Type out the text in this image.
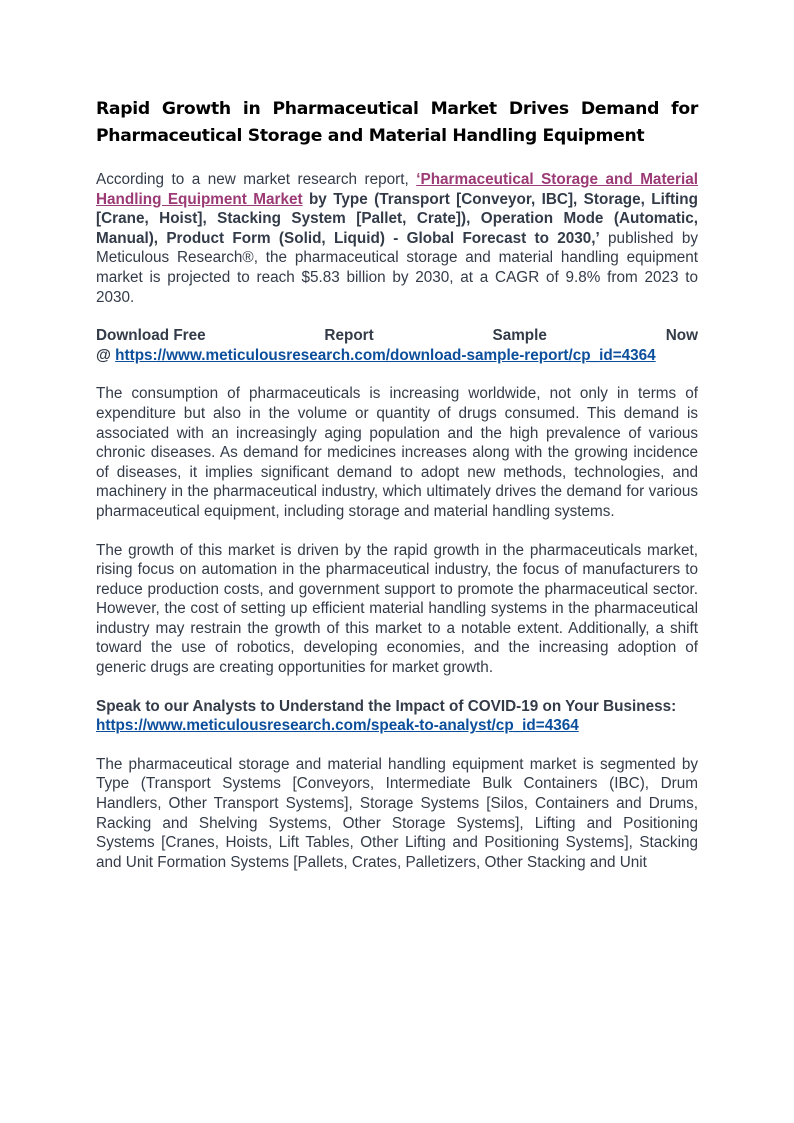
Rapid Growth in Pharmaceutical Market Drives Demand for Pharmaceutical Storage and Material Handling Equipment

According to a new market research report, ‘Pharmaceutical Storage and Material Handling Equipment Market by Type (Transport [Conveyor, IBC], Storage, Lifting [Crane, Hoist], Stacking System [Pallet, Crate]), Operation Mode (Automatic, Manual), Product Form (Solid, Liquid) - Global Forecast to 2030,’ published by Meticulous Research®, the pharmaceutical storage and material handling equipment market is projected to reach $5.83 billion by 2030, at a CAGR of 9.8% from 2023 to 2030.

Download Free	Report	Sample	Now
@ https://www.meticulousresearch.com/download-sample-report/cp_id=4364

The consumption of pharmaceuticals is increasing worldwide, not only in terms of expenditure but also in the volume or quantity of drugs consumed. This demand is associated with an increasingly aging population and the high prevalence of various chronic diseases. As demand for medicines increases along with the growing incidence of diseases, it implies significant demand to adopt new methods, technologies, and machinery in the pharmaceutical industry, which ultimately drives the demand for various pharmaceutical equipment, including storage and material handling systems.

The growth of this market is driven by the rapid growth in the pharmaceuticals market, rising focus on automation in the pharmaceutical industry, the focus of manufacturers to reduce production costs, and government support to promote the pharmaceutical sector. However, the cost of setting up efficient material handling systems in the pharmaceutical industry may restrain the growth of this market to a notable extent. Additionally, a shift toward the use of robotics, developing economies, and the increasing adoption of generic drugs are creating opportunities for market growth.

Speak to our Analysts to Understand the Impact of COVID-19 on Your Business: https://www.meticulousresearch.com/speak-to-analyst/cp_id=4364

The pharmaceutical storage and material handling equipment market is segmented by Type (Transport Systems [Conveyors, Intermediate Bulk Containers (IBC), Drum Handlers, Other Transport Systems], Storage Systems [Silos, Containers and Drums, Racking and Shelving Systems, Other Storage Systems], Lifting and Positioning Systems [Cranes, Hoists, Lift Tables, Other Lifting and Positioning Systems], Stacking and Unit Formation Systems [Pallets, Crates, Palletizers, Other Stacking and Unit
